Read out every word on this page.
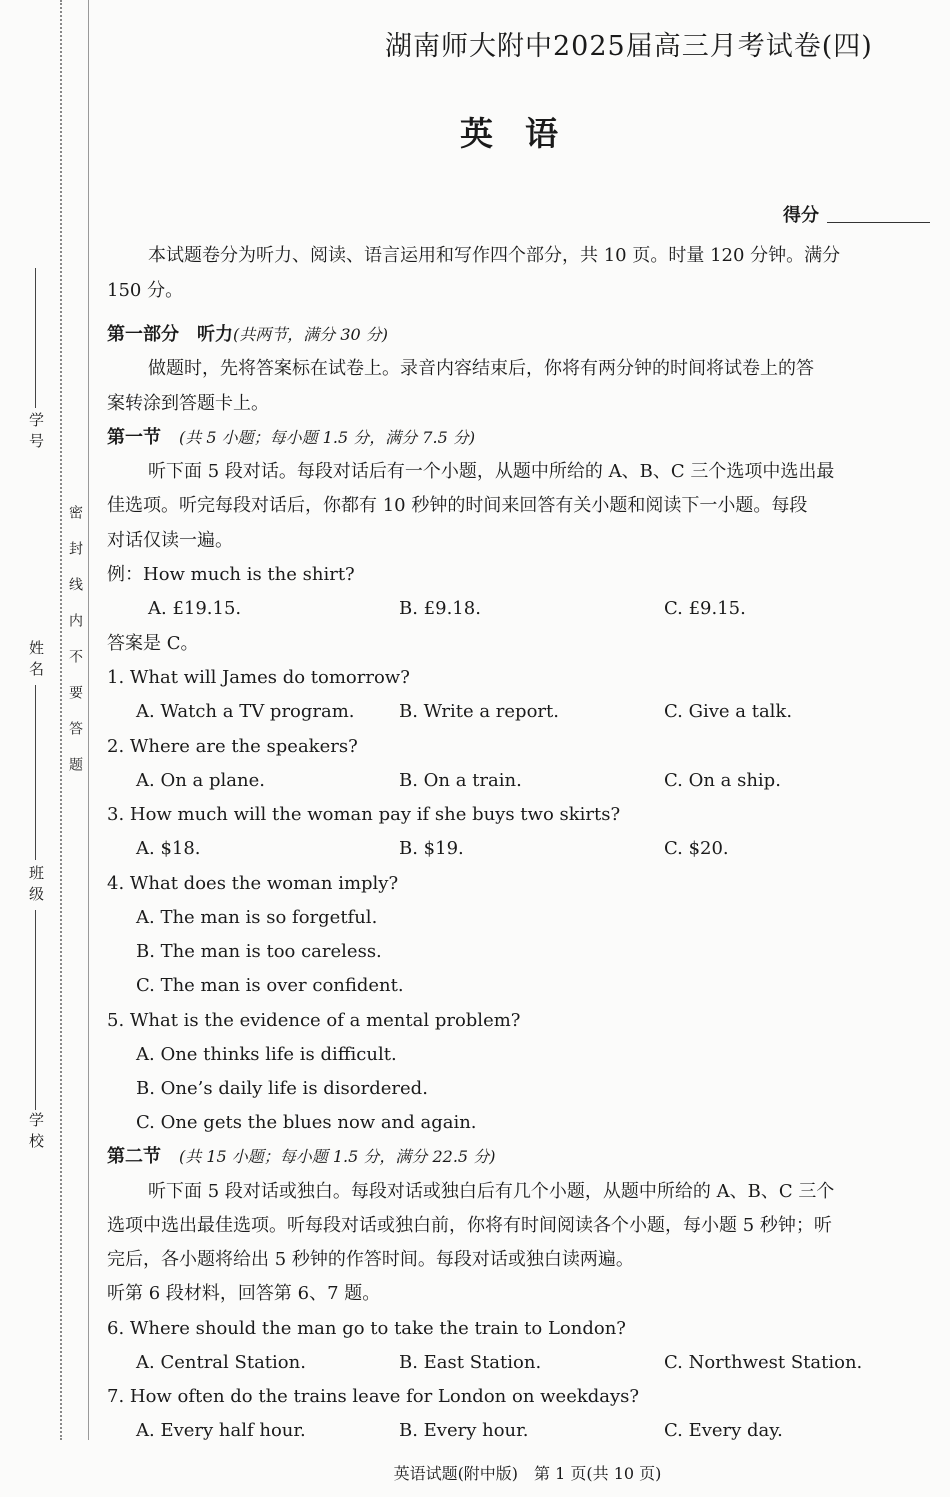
学号
姓名
班级
学校
密封线内不要答题
湖南师大附中2025届高三月考试卷(四)
英语
得分
本试题卷分为听力、阅读、语言运用和写作四个部分，共 10 页。时量 120 分钟。满分
150 分。
第一部分　听力(共两节，满分 30 分)
做题时，先将答案标在试卷上。录音内容结束后，你将有两分钟的时间将试卷上的答
案转涂到答题卡上。
第一节　 (共 5 小题；每小题 1.5 分，满分 7.5 分)
听下面 5 段对话。每段对话后有一个小题，从题中所给的 A、B、C 三个选项中选出最
佳选项。听完每段对话后，你都有 10 秒钟的时间来回答有关小题和阅读下一小题。每段
对话仅读一遍。
例：How much is the shirt?
A. £19.15.	B. £9.18.	C. £9.15.
答案是 C。
1. What will James do tomorrow?
A. Watch a TV program. B. Write a report.	C. Give a talk.
2. Where are the speakers?
A. On a plane.	B. On a train.	C. On a ship.
3. How much will the woman pay if she buys two skirts?
A. $18.	B. $19.	C. $20.
4. What does the woman imply?
A. The man is so forgetful.
B. The man is too careless.
C. The man is over confident.
5. What is the evidence of a mental problem?
A. One thinks life is difficult.
B. One’s daily life is disordered.
C. One gets the blues now and again.
第二节　 (共 15 小题；每小题 1.5 分，满分 22.5 分)
听下面 5 段对话或独白。每段对话或独白后有几个小题，从题中所给的 A、B、C 三个
选项中选出最佳选项。听每段对话或独白前，你将有时间阅读各个小题，每小题 5 秒钟；听
完后，各小题将给出 5 秒钟的作答时间。每段对话或独白读两遍。
听第 6 段材料，回答第 6、7 题。
6. Where should the man go to take the train to London?
A. Central Station.	B. East Station.	C. Northwest Station.
7. How often do the trains leave for London on weekdays?
A. Every half hour.	B. Every hour.	C. Every day.
英语试题(附中版)　第 1 页(共 10 页)
